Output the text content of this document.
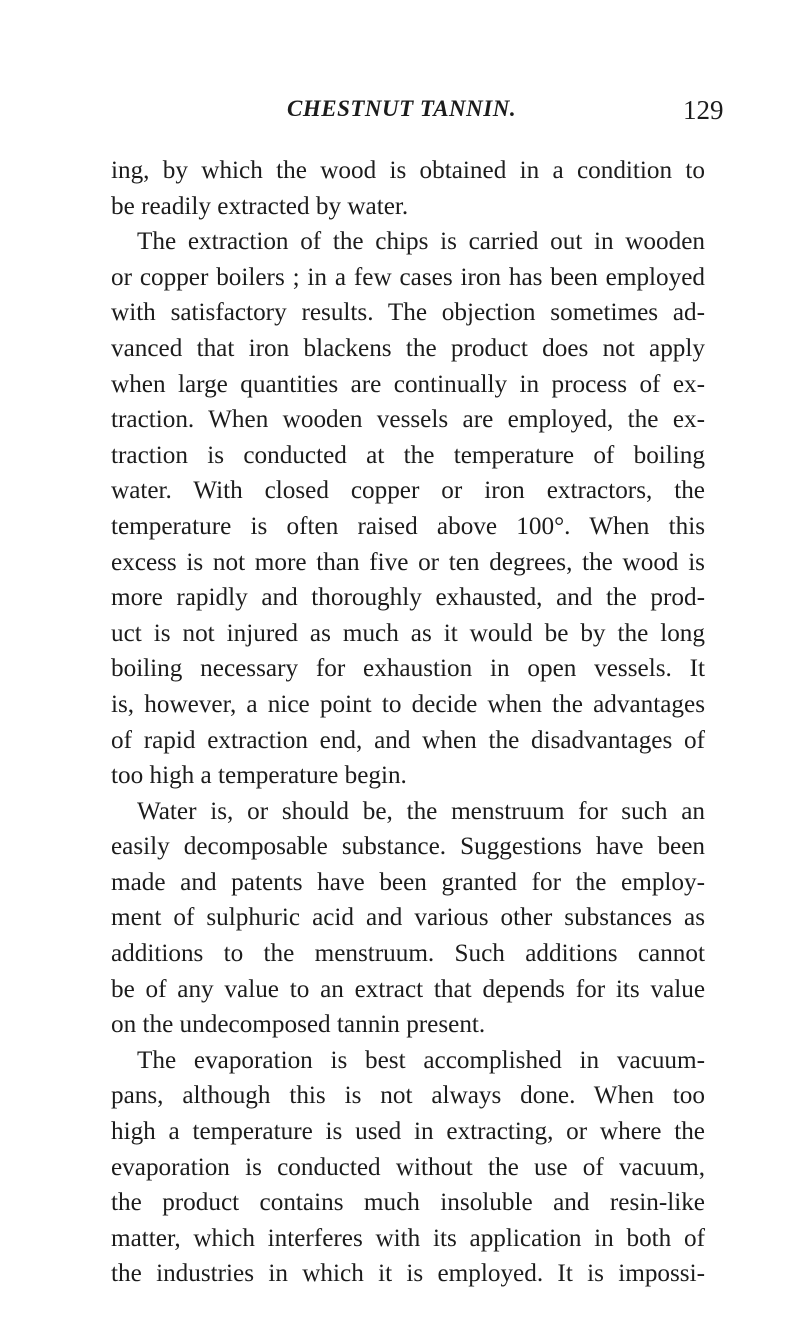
CHESTNUT TANNIN.	129
ing, by which the wood is obtained in a condition to
be readily extracted by water.
The extraction of the chips is carried out in wooden
or copper boilers ; in a few cases iron has been employed
with satisfactory results. The objection sometimes ad-
vanced that iron blackens the product does not apply
when large quantities are continually in process of ex-
traction. When wooden vessels are employed, the ex-
traction is conducted at the temperature of boiling
water. With closed copper or iron extractors, the
temperature is often raised above 100°. When this
excess is not more than five or ten degrees, the wood is
more rapidly and thoroughly exhausted, and the prod-
uct is not injured as much as it would be by the long
boiling necessary for exhaustion in open vessels. It
is, however, a nice point to decide when the advantages
of rapid extraction end, and when the disadvantages of
too high a temperature begin.
Water is, or should be, the menstruum for such an
easily decomposable substance. Suggestions have been
made and patents have been granted for the employ-
ment of sulphuric acid and various other substances as
additions to the menstruum. Such additions cannot
be of any value to an extract that depends for its value
on the undecomposed tannin present.
The evaporation is best accomplished in vacuum-
pans, although this is not always done. When too
high a temperature is used in extracting, or where the
evaporation is conducted without the use of vacuum,
the product contains much insoluble and resin-like
matter, which interferes with its application in both of
the industries in which it is employed. It is impossi-
